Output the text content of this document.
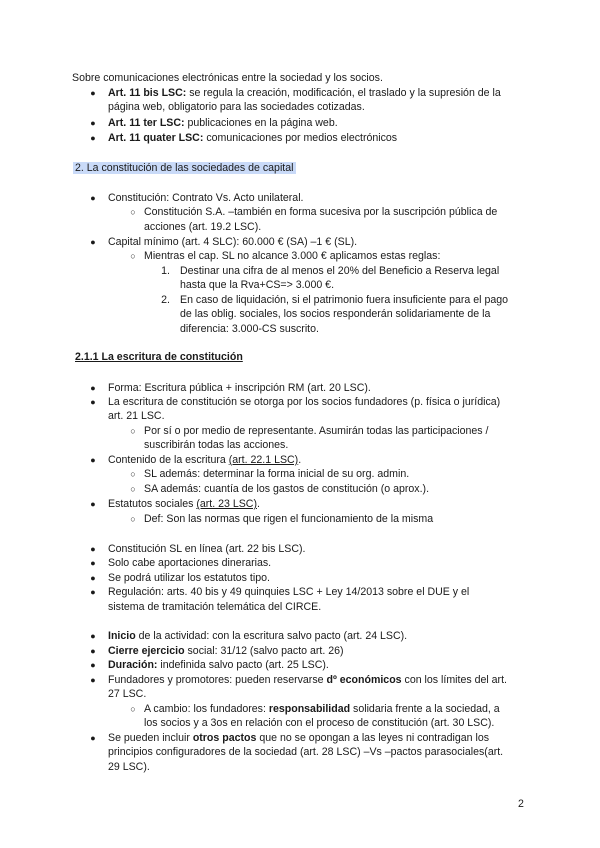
Sobre comunicaciones electrónicas entre la sociedad y los socios.
●	Art. 11 bis LSC: se regula la creación, modificación, el traslado y la supresión de la
página web, obligatorio para las sociedades cotizadas.
●	Art. 11 ter LSC: publicaciones en la página web.
●	Art. 11 quater LSC: comunicaciones por medios electrónicos
2. La constitución de las sociedades de capital
●	Constitución: Contrato Vs. Acto unilateral.
○ Constitución S.A. –también en forma sucesiva por la suscripción pública de
acciones (art. 19.2 LSC).
●	Capital mínimo (art. 4 SLC): 60.000 € (SA) –1 € (SL).
○ Mientras el cap. SL no alcance 3.000 € aplicamos estas reglas:
1. Destinar una cifra de al menos el 20% del Beneficio a Reserva legal
hasta que la Rva+CS=> 3.000 €.
2. En caso de liquidación, si el patrimonio fuera insuficiente para el pago
de las oblig. sociales, los socios responderán solidariamente de la
diferencia: 3.000-CS suscrito.
2.1.1 La escritura de constitución
●	Forma: Escritura pública + inscripción RM (art. 20 LSC).
●	La escritura de constitución se otorga por los socios fundadores (p. física o jurídica)
art. 21 LSC.
○ Por sí o por medio de representante. Asumirán todas las participaciones /
suscribirán todas las acciones.
●	Contenido de la escritura (art. 22.1 LSC).
○ SL además: determinar la forma inicial de su org. admin.
○ SA además: cuantía de los gastos de constitución (o aprox.).
●	Estatutos sociales (art. 23 LSC).
○ Def: Son las normas que rigen el funcionamiento de la misma
●	Constitución SL en línea (art. 22 bis LSC).
●	Solo cabe aportaciones dinerarias.
●	Se podrá utilizar los estatutos tipo.
●	Regulación: arts. 40 bis y 49 quinquies LSC + Ley 14/2013 sobre el DUE y el
sistema de tramitación telemática del CIRCE.
●	Inicio de la actividad: con la escritura salvo pacto (art. 24 LSC).
●	Cierre ejercicio social: 31/12 (salvo pacto art. 26)
●	Duración: indefinida salvo pacto (art. 25 LSC).
●	Fundadores y promotores: pueden reservarse dº económicos con los límites del art.
27 LSC.
○ A cambio: los fundadores: responsabilidad solidaria frente a la sociedad, a
los socios y a 3os en relación con el proceso de constitución (art. 30 LSC).
●	Se pueden incluir otros pactos que no se opongan a las leyes ni contradigan los
principios configuradores de la sociedad (art. 28 LSC) –Vs –pactos parasociales(art.
29 LSC).
2
